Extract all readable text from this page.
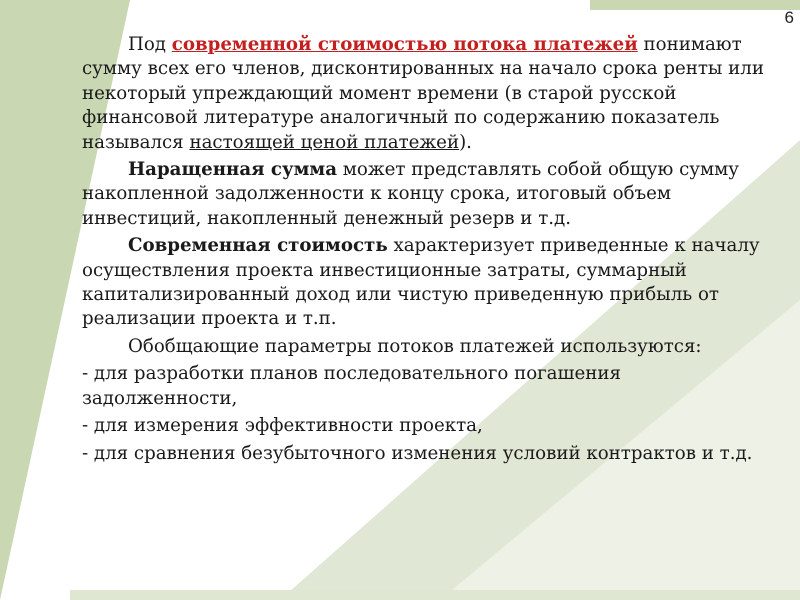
6

Под современной стоимостью потока платежей понимают сумму всех его членов, дисконтированных на начало срока ренты или некоторый упреждающий момент времени (в старой русской финансовой литературе аналогичный по содержанию показатель назывался настоящей ценой платежей).

Наращенная сумма может представлять собой общую сумму накопленной задолженности к концу срока, итоговый объем инвестиций, накопленный денежный резерв и т.д.

Современная стоимость характеризует приведенные к началу осуществления проекта инвестиционные затраты, суммарный капитализированный доход или чистую приведенную прибыль от реализации проекта и т.п.

Обобщающие параметры потоков платежей используются:

- для разработки планов последовательного погашения задолженности,

- для измерения эффективности проекта,

- для сравнения безубыточного изменения условий контрактов и т.д.
